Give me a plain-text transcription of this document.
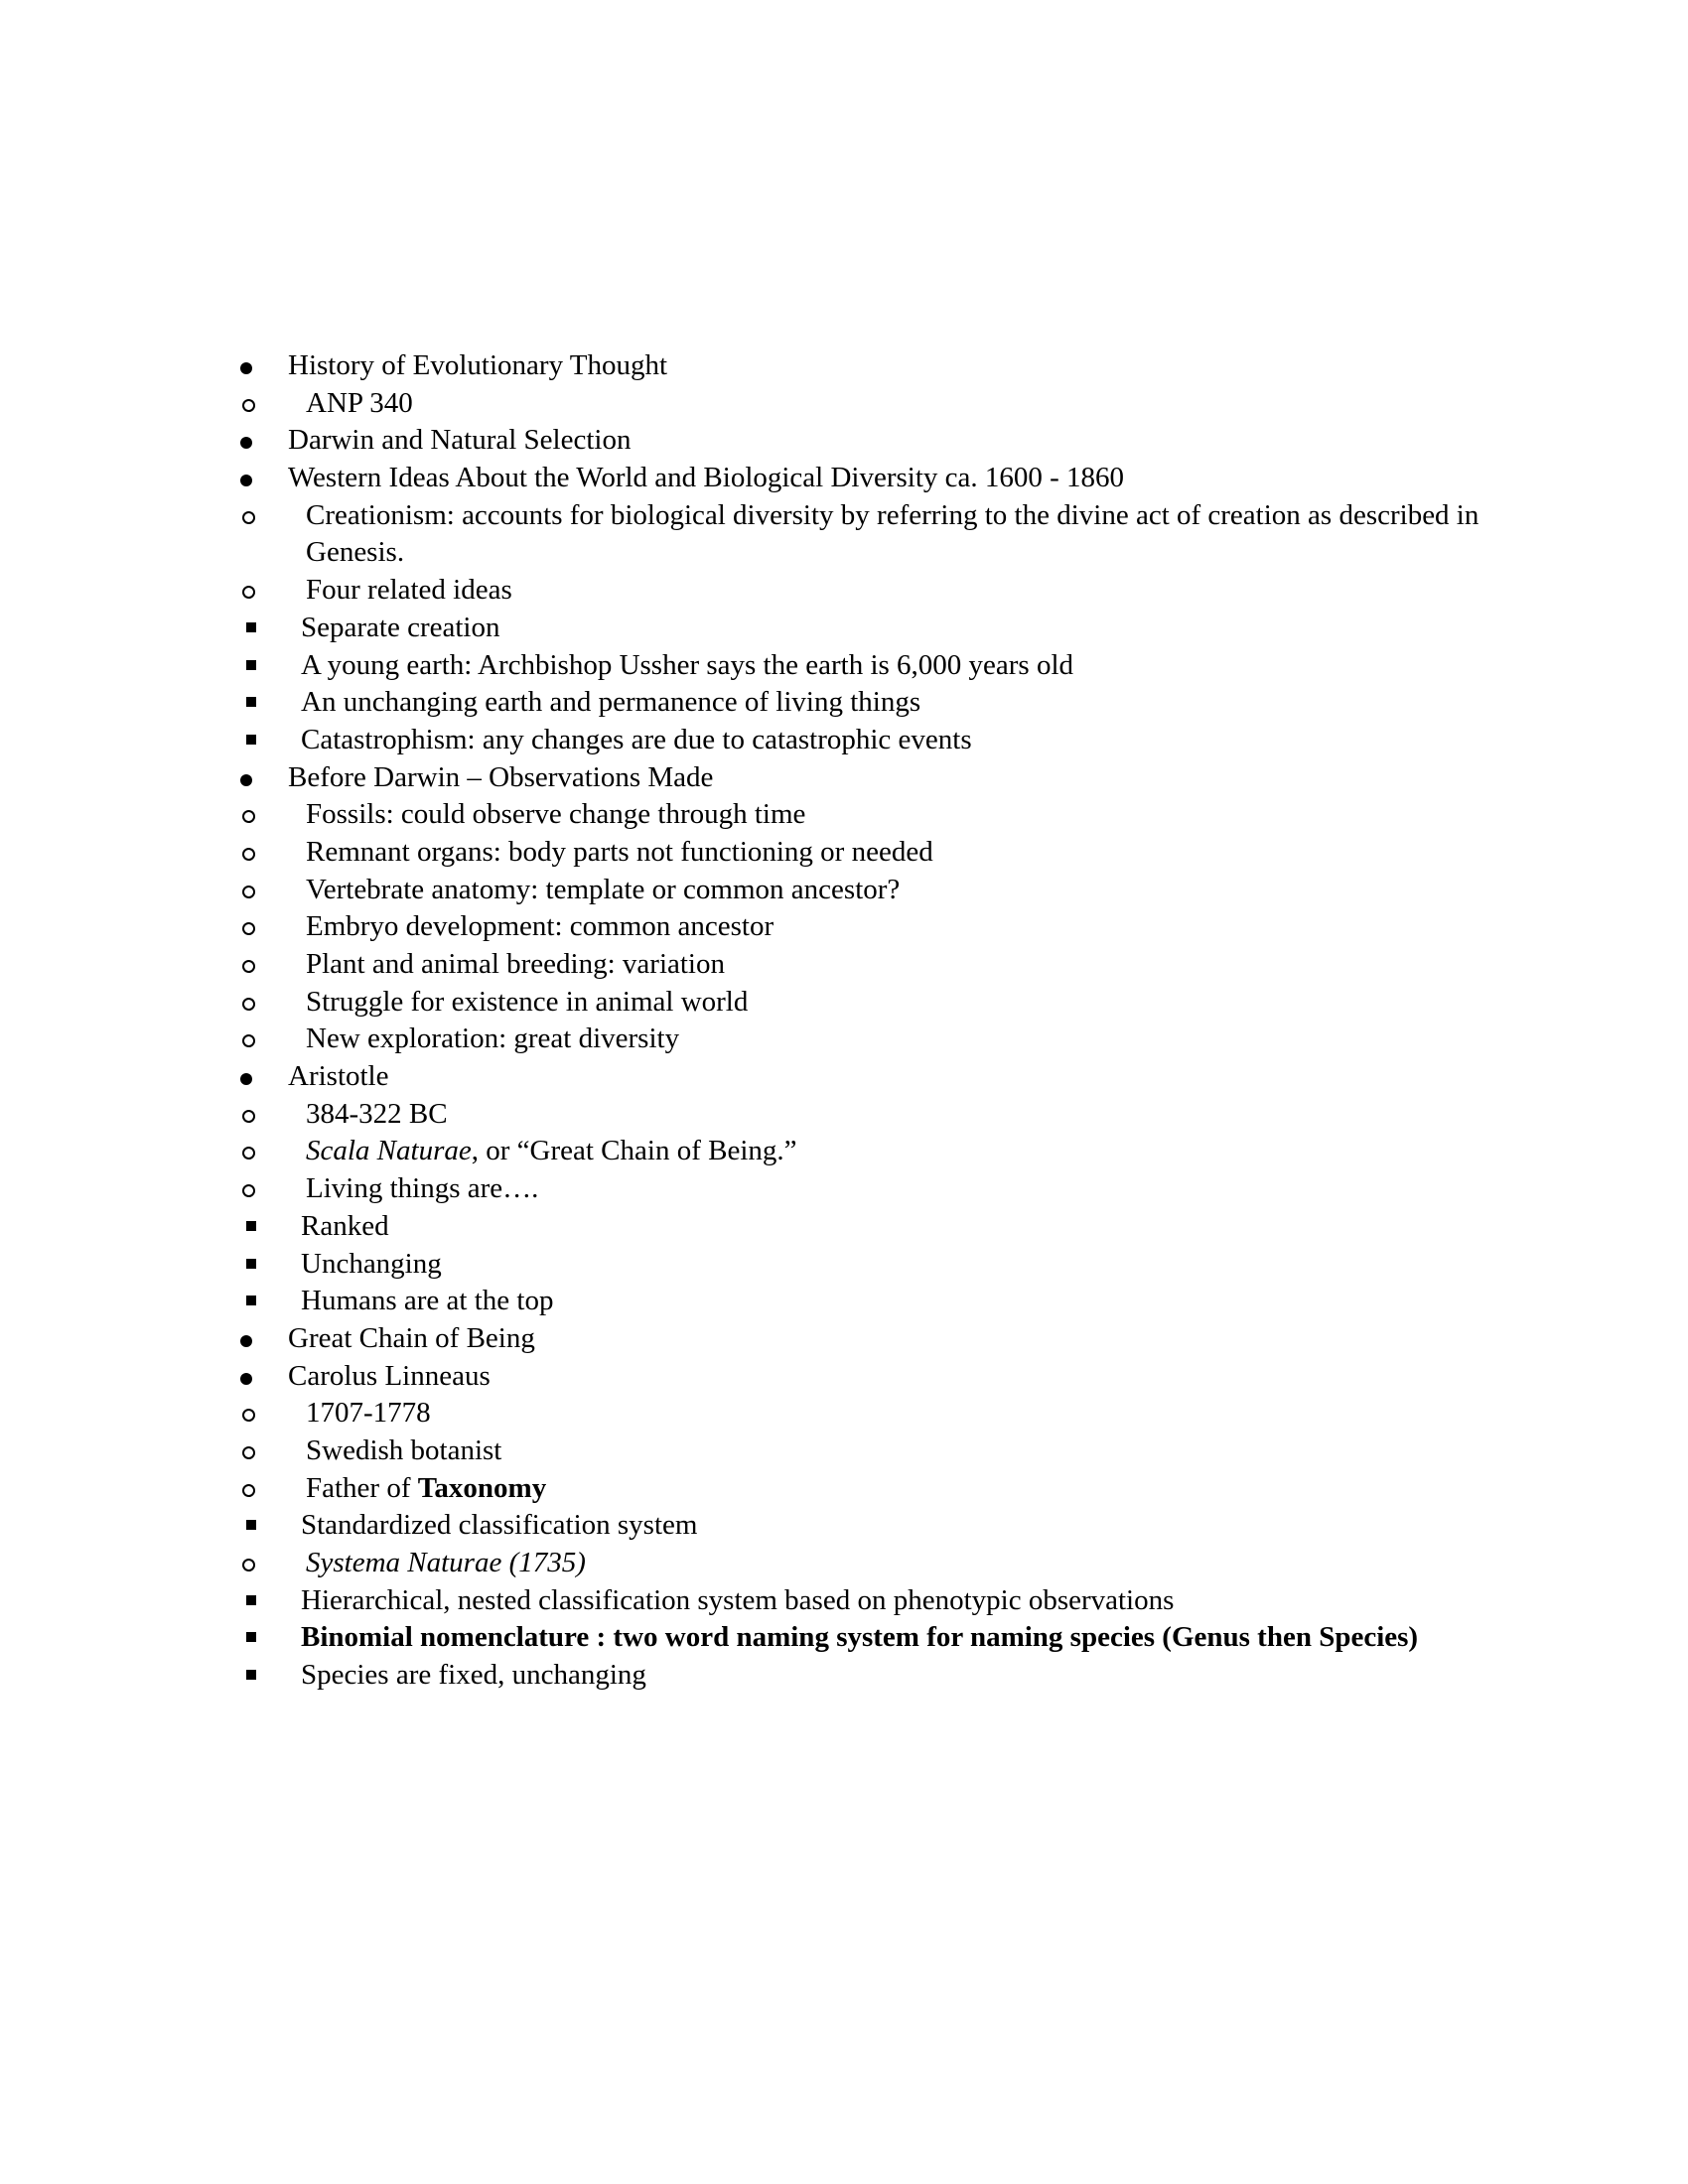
History of Evolutionary Thought
ANP 340
Darwin and Natural Selection
Western Ideas About the World and Biological Diversity ca. 1600 - 1860
Creationism: accounts for biological diversity by referring to the divine act of creation as described in Genesis.
Four related ideas
Separate creation
A young earth: Archbishop Ussher says the earth is 6,000 years old
An unchanging earth and permanence of living things
Catastrophism: any changes are due to catastrophic events
Before Darwin – Observations Made
Fossils: could observe change through time
Remnant organs: body parts not functioning or needed
Vertebrate anatomy: template or common ancestor?
Embryo development: common ancestor
Plant and animal breeding: variation
Struggle for existence in animal world
New exploration: great diversity
Aristotle
384-322 BC
Scala Naturae, or “Great Chain of Being.”
Living things are….
Ranked
Unchanging
Humans are at the top
Great Chain of Being
Carolus Linneaus
1707-1778
Swedish botanist
Father of Taxonomy
Standardized classification system
Systema Naturae (1735)
Hierarchical, nested classification system based on phenotypic observations
Binomial nomenclature : two word naming system for naming species (Genus then Species)
Species are fixed, unchanging
